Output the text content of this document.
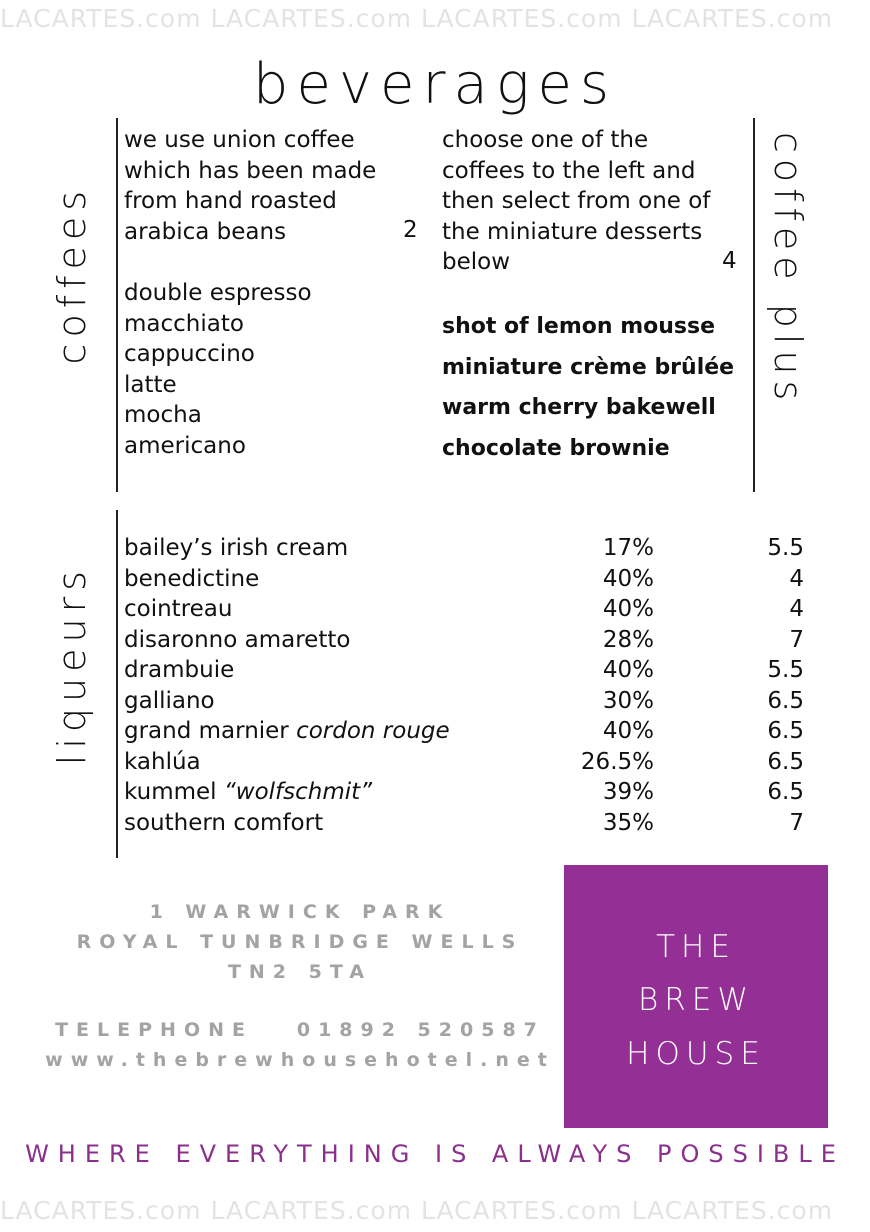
LACARTES.com LACARTES.com LACARTES.com LACARTES.com
beverages
coffees
we use union coffee
which has been made
from hand roasted
arabica beans	2
double espresso
macchiato
cappuccino
latte
mocha
americano
choose one of the
coffees to the left and
then select from one of
the miniature desserts
below	4
shot of lemon mousse
miniature crème brûlée
warm cherry bakewell
chocolate brownie
coffee plus
liqueurs
bailey’s irish cream	17%	5.5
benedictine	40%	4
cointreau	40%	4
disaronno amaretto	28%	7
drambuie	40%	5.5
galliano	30%	6.5
grand marnier cordon rouge	40%	6.5
kahlúa	26.5%	6.5
kummel “wolfschmit”	39%	6.5
southern comfort	35%	7
1 WARWICK PARK
ROYAL TUNBRIDGE WELLS
TN2 5TA
TELEPHONE 01892 520587
www.thebrewhousehotel.net
THE
BREW
HOUSE
WHERE EVERYTHING IS ALWAYS POSSIBLE
LACARTES.com LACARTES.com LACARTES.com LACARTES.com
